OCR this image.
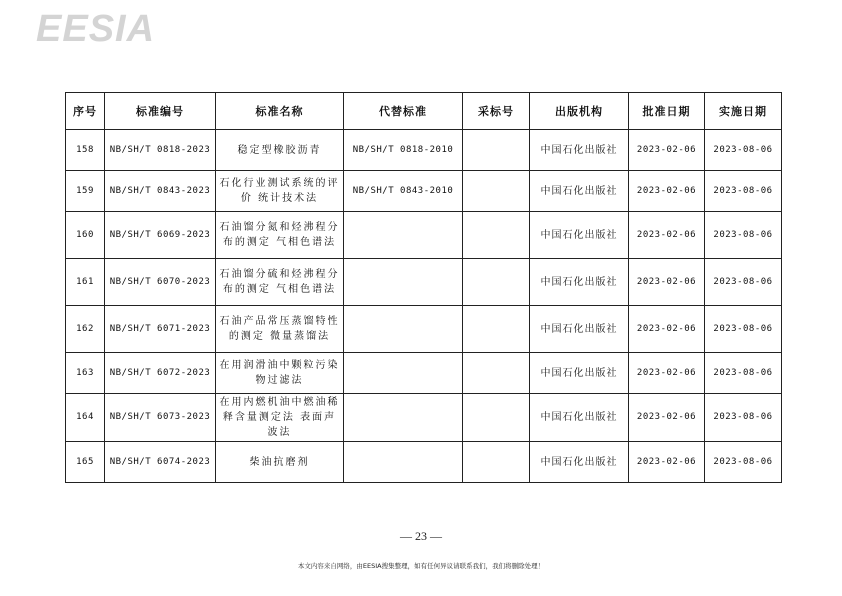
EESIA
序号	标准编号	标准名称	代替标准	采标号	出版机构	批准日期	实施日期
158	NB/SH/T 0818-2023	稳定型橡胶沥青	NB/SH/T 0818-2010		中国石化出版社	2023-02-06	2023-08-06
159	NB/SH/T 0843-2023	石化行业测试系统的评价 统计技术法	NB/SH/T 0843-2010		中国石化出版社	2023-02-06	2023-08-06
160	NB/SH/T 6069-2023	石油馏分氮和烃沸程分布的测定 气相色谱法			中国石化出版社	2023-02-06	2023-08-06
161	NB/SH/T 6070-2023	石油馏分硫和烃沸程分布的测定 气相色谱法			中国石化出版社	2023-02-06	2023-08-06
162	NB/SH/T 6071-2023	石油产品常压蒸馏特性的测定 微量蒸馏法			中国石化出版社	2023-02-06	2023-08-06
163	NB/SH/T 6072-2023	在用润滑油中颗粒污染物过滤法			中国石化出版社	2023-02-06	2023-08-06
164	NB/SH/T 6073-2023	在用内燃机油中燃油稀释含量测定法 表面声波法			中国石化出版社	2023-02-06	2023-08-06
165	NB/SH/T 6074-2023	柴油抗磨剂			中国石化出版社	2023-02-06	2023-08-06
— 23 —
本文内容来自网络，由EESIA搜集整理，如有任何异议请联系我们，我们将删除处理！
